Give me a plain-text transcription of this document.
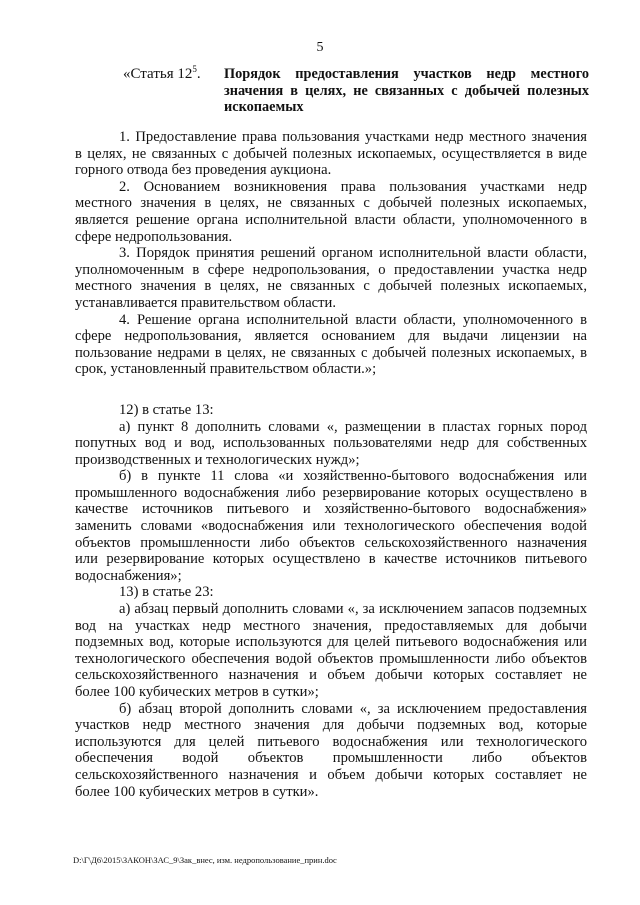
5
«Статья $12^5$. Порядок предоставления участков недр местного
значения в целях, не связанных с добычей полезных
ископаемых
1. Предоставление права пользования участками недр местного значения
в целях, не связанных с добычей полезных ископаемых, осуществляется в виде
горного отвода без проведения аукциона.
2. Основанием возникновения права пользования участками недр
местного значения в целях, не связанных с добычей полезных ископаемых,
является решение органа исполнительной власти области, уполномоченного в
сфере недропользования.
3. Порядок принятия решений органом исполнительной власти области,
уполномоченным в сфере недропользования, о предоставлении участка недр
местного значения в целях, не связанных с добычей полезных ископаемых,
устанавливается правительством области.
4. Решение органа исполнительной власти области, уполномоченного в
сфере недропользования, является основанием для выдачи лицензии на
пользование недрами в целях, не связанных с добычей полезных ископаемых, в
срок, установленный правительством области.»;
12) в статье 13:
а) пункт 8 дополнить словами «, размещении в пластах горных пород
попутных вод и вод, использованных пользователями недр для собственных
производственных и технологических нужд»;
б) в пункте 11 слова «и хозяйственно-бытового водоснабжения или
промышленного водоснабжения либо резервирование которых осуществлено в
качестве источников питьевого и хозяйственно-бытового водоснабжения»
заменить словами «водоснабжения или технологического обеспечения водой
объектов промышленности либо объектов сельскохозяйственного назначения
или резервирование которых осуществлено в качестве источников питьевого
водоснабжения»;
13) в статье 23:
а) абзац первый дополнить словами «, за исключением запасов подземных
вод на участках недр местного значения, предоставляемых для добычи
подземных вод, которые используются для целей питьевого водоснабжения или
технологического обеспечения водой объектов промышленности либо объектов
сельскохозяйственного назначения и объем добычи которых составляет не
более 100 кубических метров в сутки»;
б) абзац второй дополнить словами «, за исключением предоставления
участков недр местного значения для добычи подземных вод, которые
используются для целей питьевого водоснабжения или технологического
обеспечения водой объектов промышленности либо объектов
сельскохозяйственного назначения и объем добычи которых составляет не
более 100 кубических метров в сутки».
D:\Г\Д6\2015\ЗАКОН\ЗАС_9\Зак_внес, изм. недропользование_прин.doc
